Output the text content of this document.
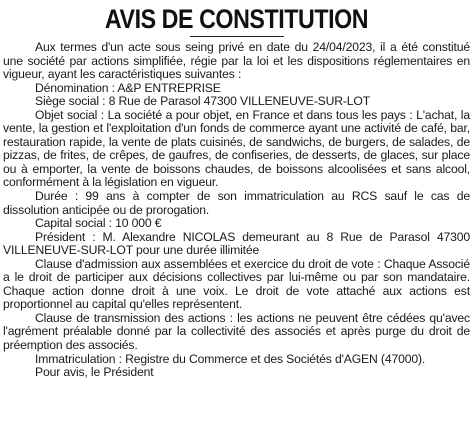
AVIS DE CONSTITUTION

Aux termes d'un acte sous seing privé en date du 24/04/2023, il a été constitué une société par actions simplifiée, régie par la loi et les dispositions réglementaires en vigueur, ayant les caractéristiques suivantes :

Dénomination : A&P ENTREPRISE

Siège social : 8 Rue de Parasol 47300 VILLENEUVE-SUR-LOT

Objet social : La société a pour objet, en France et dans tous les pays : L'achat, la vente, la gestion et l'exploitation d'un fonds de commerce ayant une activité de café, bar, restauration rapide, la vente de plats cuisinés, de sandwichs, de burgers, de salades, de pizzas, de frites, de crêpes, de gaufres, de confiseries, de desserts, de glaces, sur place ou à emporter, la vente de boissons chaudes, de boissons alcoolisées et sans alcool, conformément à la législation en vigueur.

Durée : 99 ans à compter de son immatriculation au RCS sauf le cas de dissolution anticipée ou de prorogation.

Capital social : 10 000 €

Président : M. Alexandre NICOLAS demeurant au 8 Rue de Parasol 47300 VILLENEUVE-SUR-LOT pour une durée illimitée

Clause d'admission aux assemblées et exercice du droit de vote : Chaque Associé a le droit de participer aux décisions collectives par lui-même ou par son mandataire. Chaque action donne droit à une voix. Le droit de vote attaché aux actions est proportionnel au capital qu'elles représentent.

Clause de transmission des actions : les actions ne peuvent être cédées qu'avec l'agrément préalable donné par la collectivité des associés et après purge du droit de préemption des associés.

Immatriculation : Registre du Commerce et des Sociétés d'AGEN (47000).

Pour avis, le Président
